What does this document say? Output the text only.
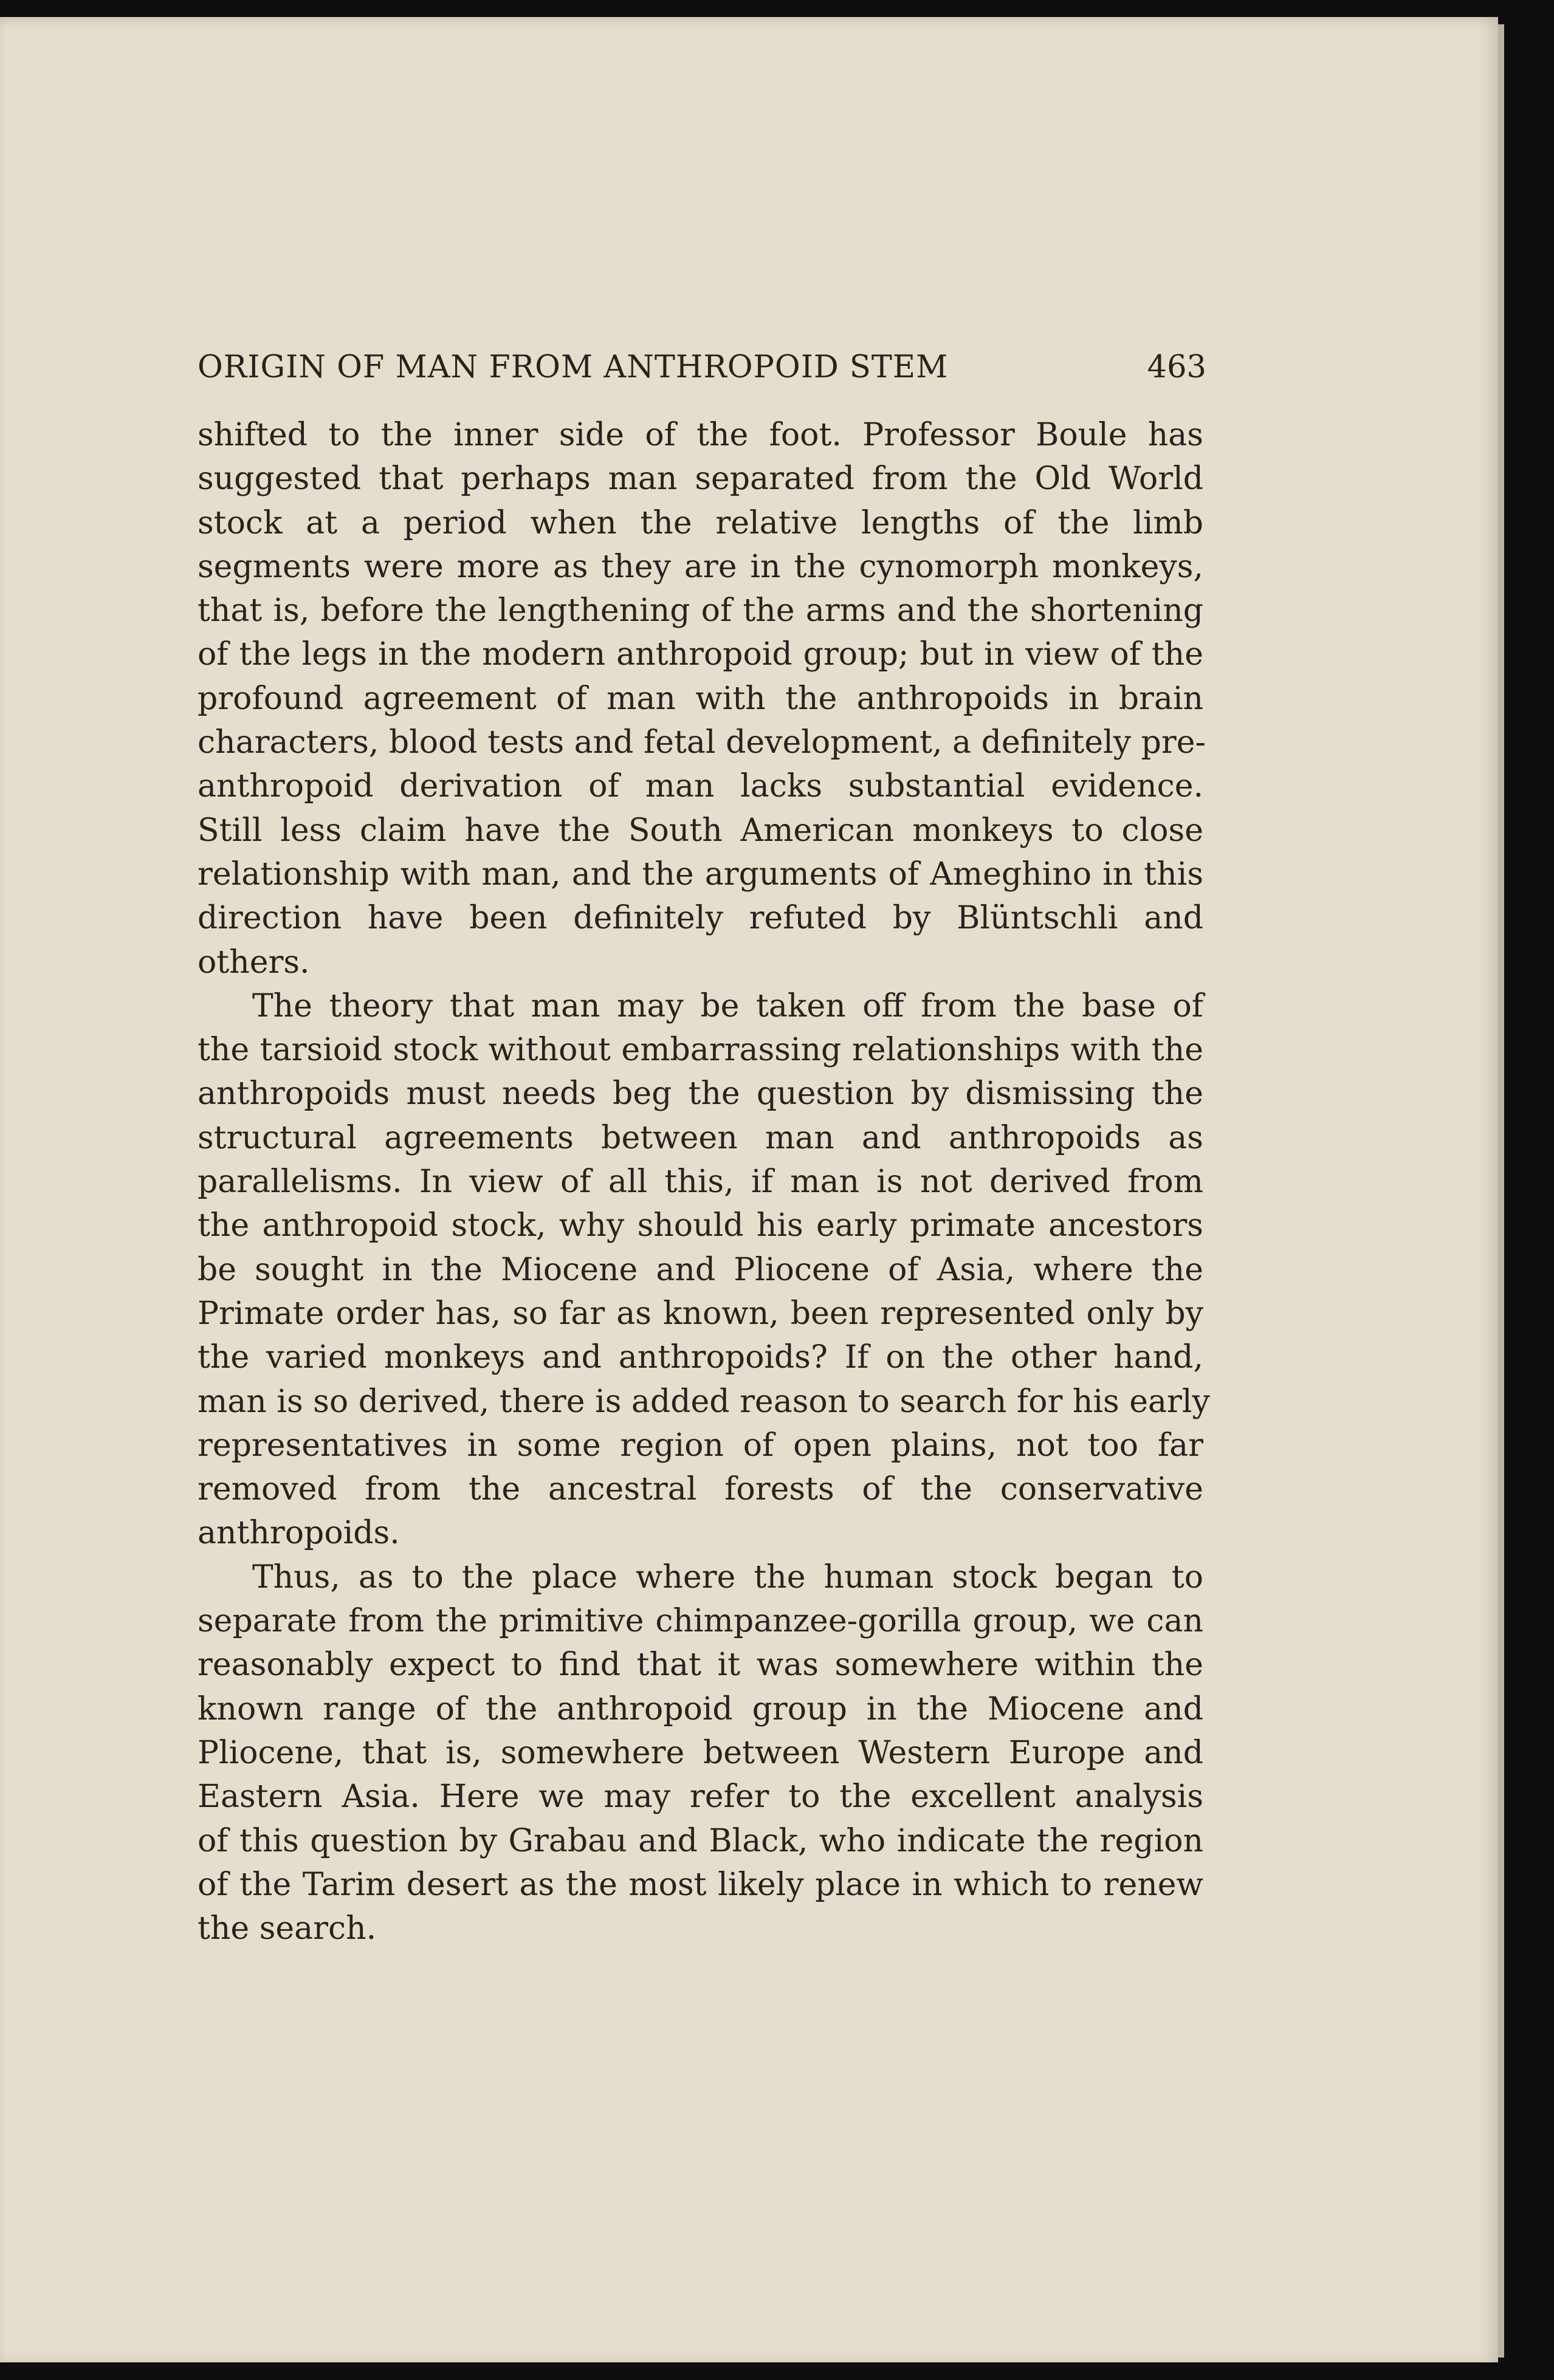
ORIGIN OF MAN FROM ANTHROPOID STEM	463
shifted to the inner side of the foot. Professor Boule has
suggested that perhaps man separated from the Old World
stock at a period when the relative lengths of the limb
segments were more as they are in the cynomorph monkeys,
that is, before the lengthening of the arms and the shortening
of the legs in the modern anthropoid group; but in view of the
profound agreement of man with the anthropoids in brain
characters, blood tests and fetal development, a definitely pre-
anthropoid derivation of man lacks substantial evidence.
Still less claim have the South American monkeys to close
relationship with man, and the arguments of Ameghino in this
direction have been definitely refuted by Blüntschli and
others.
The theory that man may be taken off from the base of
the tarsioid stock without embarrassing relationships with the
anthropoids must needs beg the question by dismissing the
structural agreements between man and anthropoids as
parallelisms. In view of all this, if man is not derived from
the anthropoid stock, why should his early primate ancestors
be sought in the Miocene and Pliocene of Asia, where the
Primate order has, so far as known, been represented only by
the varied monkeys and anthropoids? If on the other hand,
man is so derived, there is added reason to search for his early
representatives in some region of open plains, not too far
removed from the ancestral forests of the conservative
anthropoids.
Thus, as to the place where the human stock began to
separate from the primitive chimpanzee-gorilla group, we can
reasonably expect to find that it was somewhere within the
known range of the anthropoid group in the Miocene and
Pliocene, that is, somewhere between Western Europe and
Eastern Asia. Here we may refer to the excellent analysis
of this question by Grabau and Black, who indicate the region
of the Tarim desert as the most likely place in which to renew
the search.
